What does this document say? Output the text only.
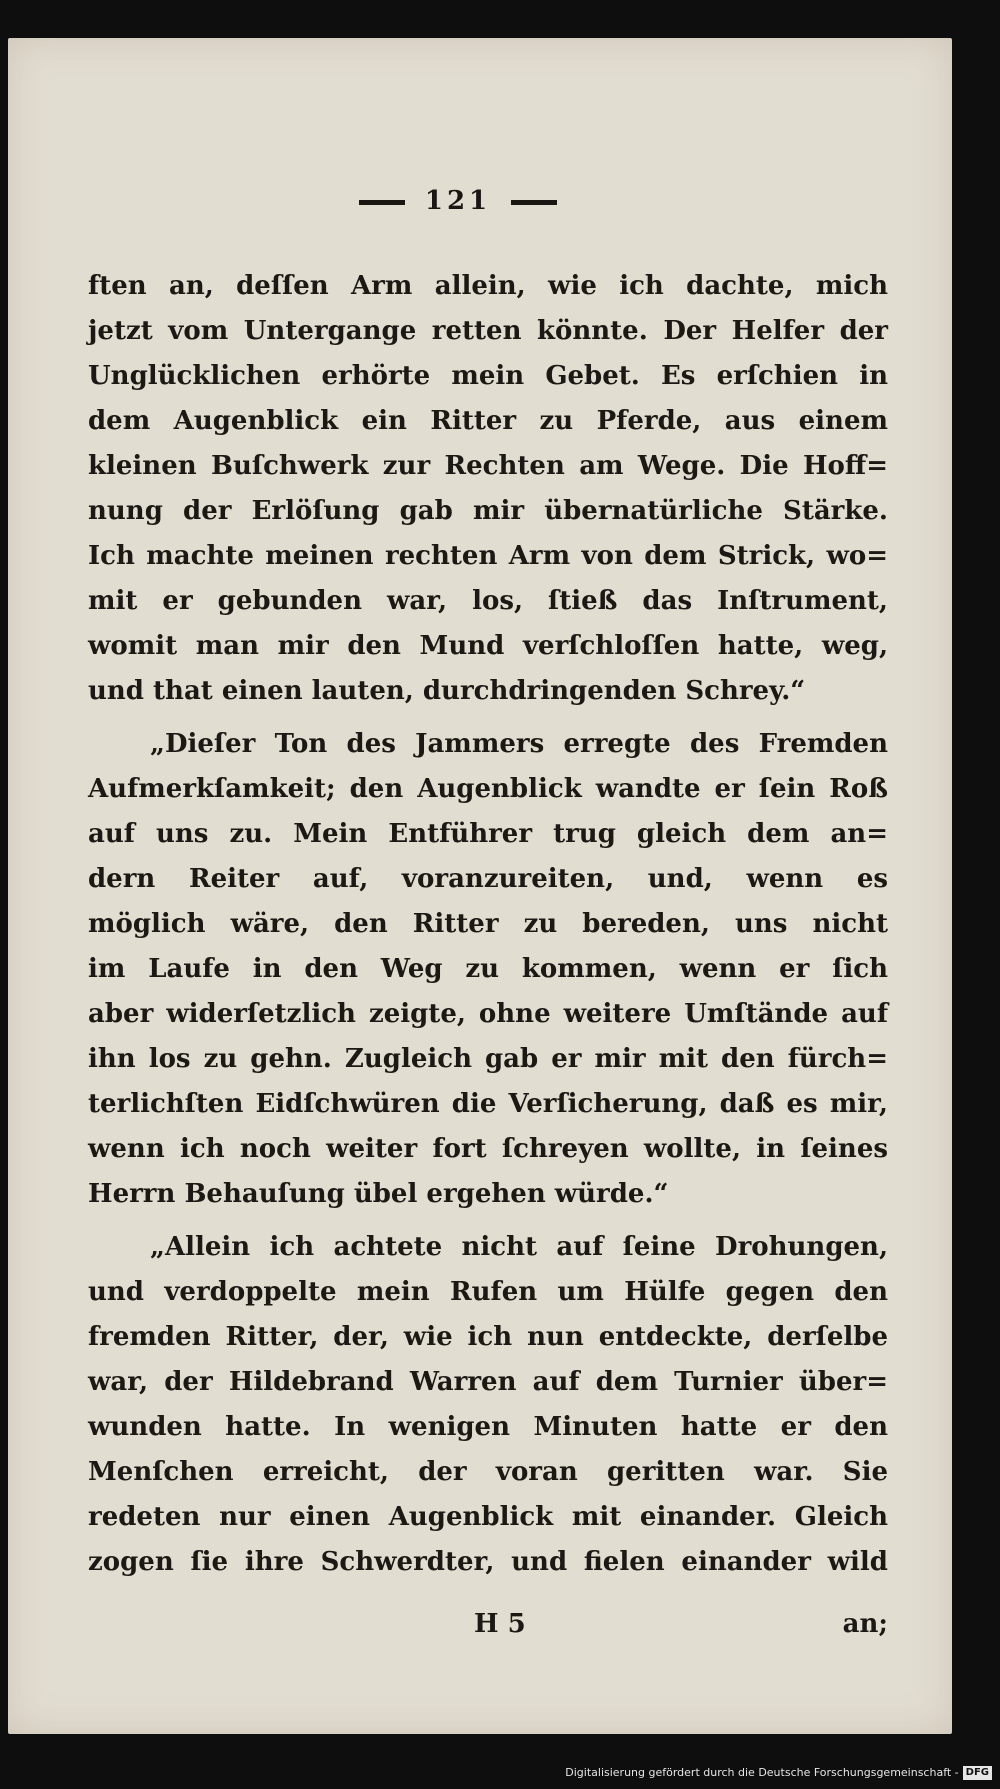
121
ften an, deſſen Arm allein, wie ich dachte, mich
jetzt vom Untergange retten könnte. Der Helfer der
Unglücklichen erhörte mein Gebet. Es erſchien in
dem Augenblick ein Ritter zu Pferde, aus einem
kleinen Buſchwerk zur Rechten am Wege. Die Hoff=
nung der Erlöſung gab mir übernatürliche Stärke.
Ich machte meinen rechten Arm von dem Strick, wo=
mit er gebunden war, los, ſtieß das Inſtrument,
womit man mir den Mund verſchloſſen hatte, weg,
und that einen lauten, durchdringenden Schrey.“
„Dieſer Ton des Jammers erregte des Fremden
Aufmerkſamkeit; den Augenblick wandte er ſein Roß
auf uns zu. Mein Entführer trug gleich dem an=
dern Reiter auf, voranzureiten, und, wenn es
möglich wäre, den Ritter zu bereden, uns nicht
im Laufe in den Weg zu kommen, wenn er ſich
aber widerſetzlich zeigte, ohne weitere Umſtände auf
ihn los zu gehn. Zugleich gab er mir mit den fürch=
terlichſten Eidſchwüren die Verſicherung, daß es mir,
wenn ich noch weiter fort ſchreyen wollte, in ſeines
Herrn Behauſung übel ergehen würde.“
„Allein ich achtete nicht auf ſeine Drohungen,
und verdoppelte mein Rufen um Hülfe gegen den
fremden Ritter, der, wie ich nun entdeckte, derſelbe
war, der Hildebrand Warren auf dem Turnier über=
wunden hatte. In wenigen Minuten hatte er den
Menſchen erreicht, der voran geritten war. Sie
redeten nur einen Augenblick mit einander. Gleich
zogen ſie ihre Schwerdter, und fielen einander wild
H 5	an;
Digitalisierung gefördert durch die Deutsche Forschungsgemeinschaft - DFG
